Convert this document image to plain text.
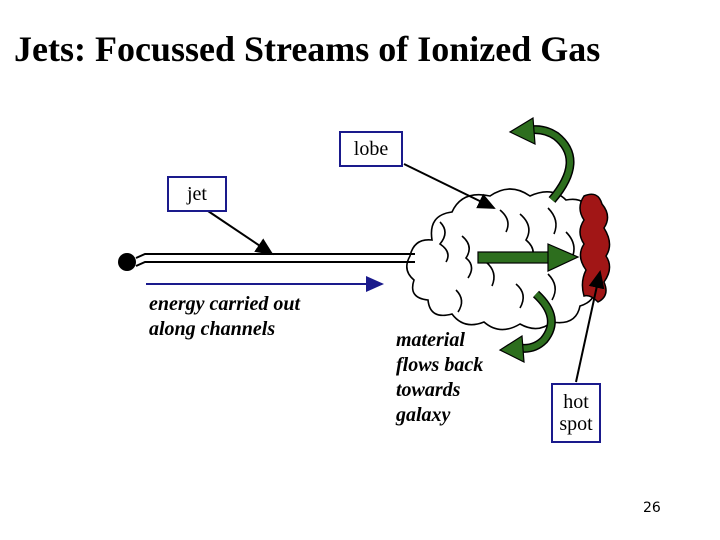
Jets: Focussed Streams of Ionized Gas
lobe
jet
hot
spot
energy carried out
along channels	material
flows back
towards
galaxy
26
